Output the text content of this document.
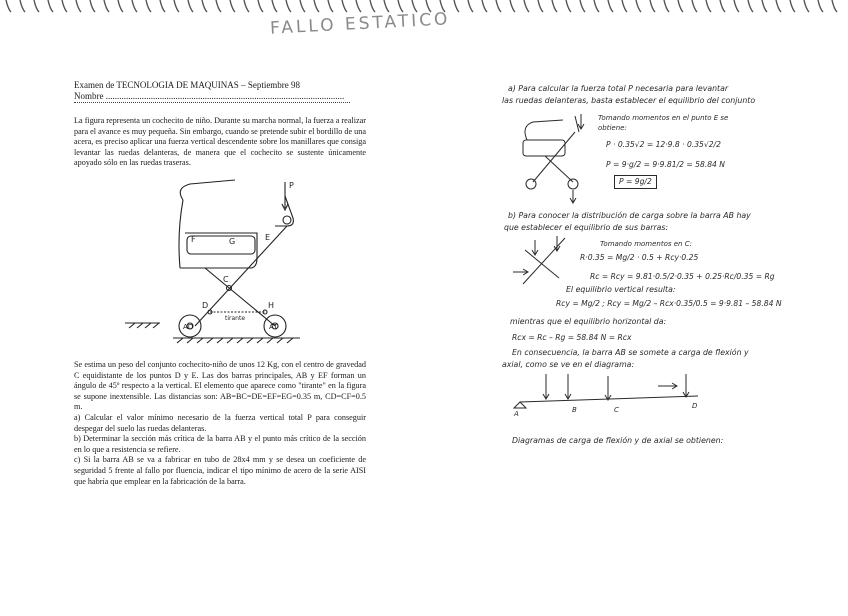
FALLO ESTATICO
Examen de TECNOLOGIA DE MAQUINAS – Septiembre 98
Nombre ..........................................................................................................

La figura representa un cochecito de niño. Durante su marcha normal, la fuerza a realizar para el avance es muy pequeña. Sin embargo, cuando se pretende subir el bordillo de una acera, es preciso aplicar una fuerza vertical descendente sobre los manillares que consiga levantar las ruedas delanteras, de manera que el cochecito se sustente únicamente apoyado sólo en las ruedas traseras.

P
G
F
C
D	H
E
AD	AT
tirante

Se estima un peso del conjunto cochecito-niño de unos 12 Kg, con el centro de gravedad C equidistante de los puntos D y E. Las dos barras principales, AB y EF forman un ángulo de 45º respecto a la vertical. El elemento que aparece como "tirante" en la figura se supone inextensible. Las distancias son: AB=BC=DE=EF=EG=0.35 m, CD=CF=0.5 m.

a) Calcular el valor mínimo necesario de la fuerza vertical total P para conseguir despegar del suelo las ruedas delanteras.

b) Determinar la sección más crítica de la barra AB y el punto más crítico de la sección en lo que a resistencia se refiere.

c) Si la barra AB se va a fabricar en tubo de 28x4 mm y se desea un coeficiente de seguridad 5 frente al fallo por fluencia, indicar el tipo mínimo de acero de la serie AISI que habría que emplear en la fabricación de la barra.

a) Para calcular la fuerza total P necesaria para levantar

las ruedas delanteras, basta establecer el equilibrio del conjunto

Tomando momentos en el punto E se

obtiene:

P · 0.35√2 = 12·9.8 · 0.35√2/2

P = 9·g/2 = 9·9.81/2 = 58.84 N

P = 9g/2

b) Para conocer la distribución de carga sobre la barra AB hay

que establecer el equilibrio de sus barras:

Tomando momentos en C:

R·0.35 = Mg/2 · 0.5 + Rcy·0.25

Rc = Rcy = 9.81·0.5/2·0.35 + 0.25·Rc/0.35 = Rg

El equilibrio vertical resulta:

Rcy = Mg/2 ; Rcy = Mg/2 – Rcx·0.35/0.5 = 9·9.81 – 58.84 N

mientras que el equilibrio horizontal da:

Rcx = Rc – Rg = 58.84 N = Rcx

En consecuencia, la barra AB se somete a carga de flexión y

axial, como se ve en el diagrama:

A	B	C	D

Diagramas de carga de flexión y de axial se obtienen:
